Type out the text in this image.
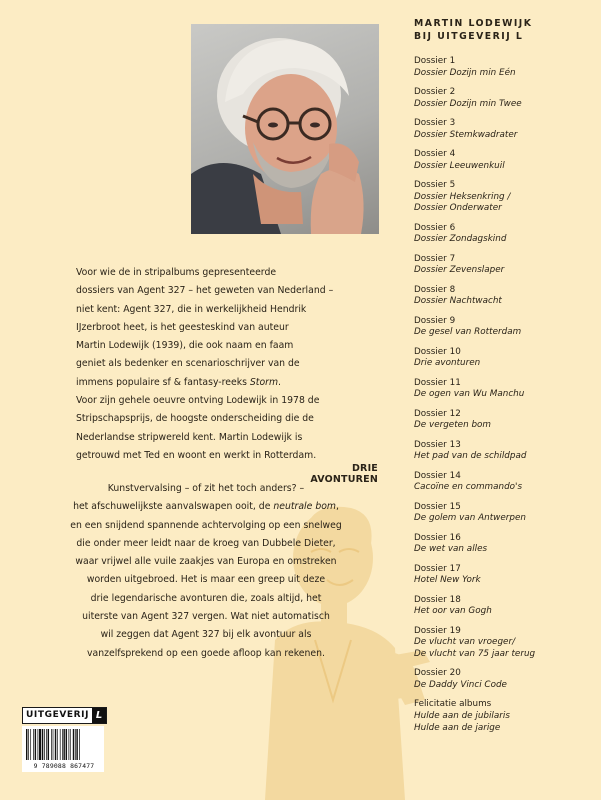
Voor wie de in stripalbums gepresenteerde
dossiers van Agent 327 – het geweten van Nederland –
niet kent: Agent 327, die in werkelijkheid Hendrik
IJzerbroot heet, is het geesteskind van auteur
Martin Lodewijk (1939), die ook naam en faam
geniet als bedenker en scenarioschrijver van de
immens populaire sf & fantasy-reeks Storm.
Voor zijn gehele oeuvre ontving Lodewijk in 1978 de
Stripschapsprijs, de hoogste onderscheiding die de
Nederlandse stripwereld kent. Martin Lodewijk is
getrouwd met Ted en woont en werkt in Rotterdam.
DRIE AVONTUREN
Kunstvervalsing – of zit het toch anders? –
het afschuwelijkste aanvalswapen ooit, de neutrale bom,
en een snijdend spannende achtervolging op een snelweg
die onder meer leidt naar de kroeg van Dubbele Dieter,
waar vrijwel alle vuile zaakjes van Europa en omstreken
worden uitgebroed. Het is maar een greep uit deze
drie legendarische avonturen die, zoals altijd, het
uiterste van Agent 327 vergen. Wat niet automatisch
wil zeggen dat Agent 327 bij elk avontuur als
vanzelfsprekend op een goede afloop kan rekenen.
MARTIN LODEWIJK
BIJ UITGEVERIJ L
Dossier 1
Dossier Dozijn min Eén
Dossier 2
Dossier Dozijn min Twee
Dossier 3
Dossier Stemkwadrater
Dossier 4
Dossier Leeuwenkuil
Dossier 5
Dossier Heksenkring /
Dossier Onderwater
Dossier 6
Dossier Zondagskind
Dossier 7
Dossier Zevenslaper
Dossier 8
Dossier Nachtwacht
Dossier 9
De gesel van Rotterdam
Dossier 10
Drie avonturen
Dossier 11
De ogen van Wu Manchu
Dossier 12
De vergeten bom
Dossier 13
Het pad van de schildpad
Dossier 14
Cacoïne en commando's
Dossier 15
De golem van Antwerpen
Dossier 16
De wet van alles
Dossier 17
Hotel New York
Dossier 18
Het oor van Gogh
Dossier 19
De vlucht van vroeger/
De vlucht van 75 jaar terug
Dossier 20
De Daddy Vinci Code
Felicitatie albums
Hulde aan de jubilaris
Hulde aan de jarige
UITGEVERIJ L
9 789088 867477
